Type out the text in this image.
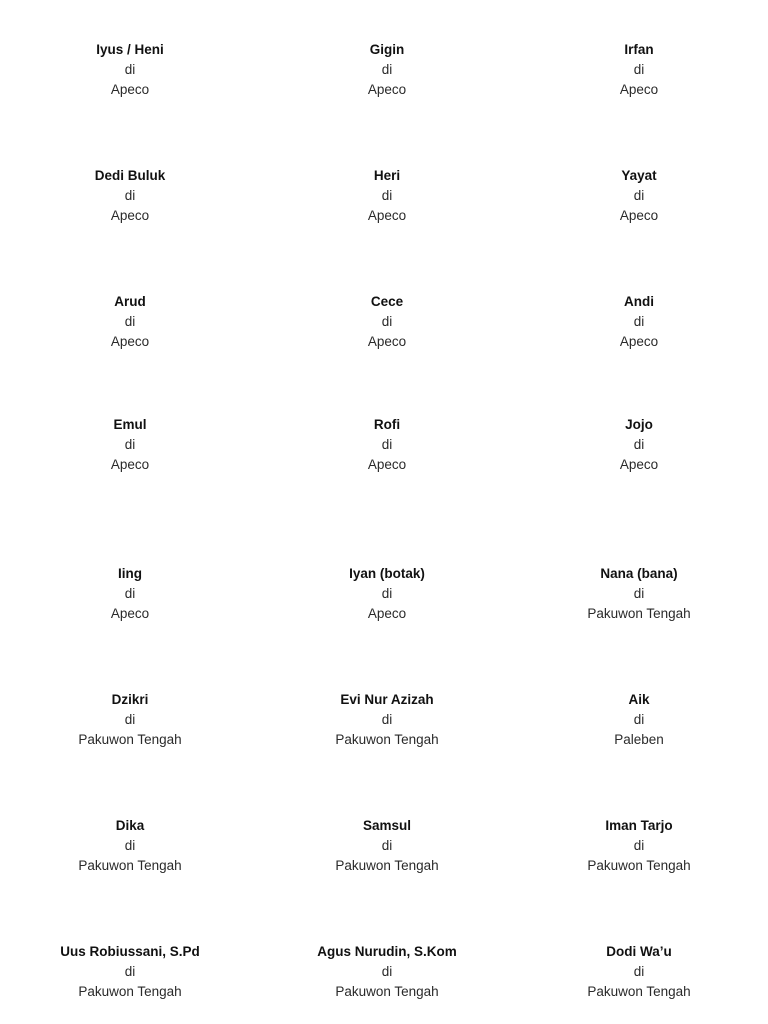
Iyus / Heni
di
Apeco
Gigin
di
Apeco
Irfan
di
Apeco
Dedi Buluk
di
Apeco
Heri
di
Apeco
Yayat
di
Apeco
Arud
di
Apeco
Cece
di
Apeco
Andi
di
Apeco
Emul
di
Apeco
Rofi
di
Apeco
Jojo
di
Apeco
Iing
di
Apeco
Iyan (botak)
di
Apeco
Nana (bana)
di
Pakuwon Tengah
Dzikri
di
Pakuwon Tengah
Evi Nur Azizah
di
Pakuwon Tengah
Aik
di
Paleben
Dika
di
Pakuwon Tengah
Samsul
di
Pakuwon Tengah
Iman Tarjo
di
Pakuwon Tengah
Uus Robiussani, S.Pd
di
Pakuwon Tengah
Agus Nurudin, S.Kom
di
Pakuwon Tengah
Dodi Wa’u
di
Pakuwon Tengah
